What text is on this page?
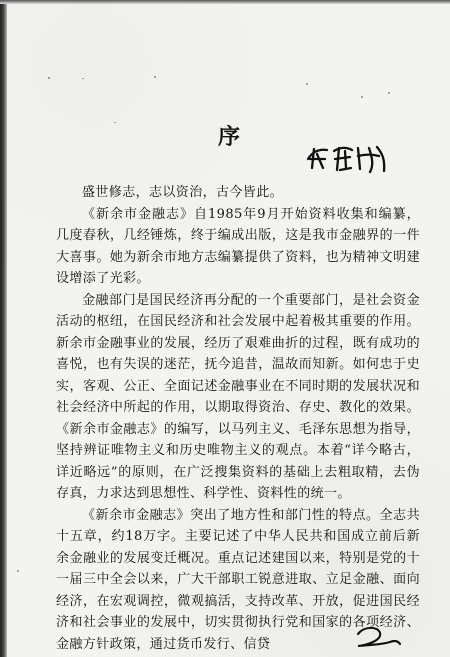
序

盛世修志，志以资治，古今皆此。

《新余市金融志》自1985年9月开始资料收集和编纂，几度春秋，几经锤炼，终于编成出版，这是我市金融界的一件大喜事。她为新余市地方志编纂提供了资料，也为精神文明建设增添了光彩。

金融部门是国民经济再分配的一个重要部门，是社会资金活动的枢纽，在国民经济和社会发展中起着极其重要的作用。新余市金融事业的发展，经历了艰难曲折的过程，既有成功的喜悦，也有失误的迷茫，抚今追昔，温故而知新。如何忠于史实，客观、公正、全面记述金融事业在不同时期的发展状况和社会经济中所起的作用，以期取得资治、存史、教化的效果。《新余市金融志》的编写，以马列主义、毛泽东思想为指导，坚持辨证唯物主义和历史唯物主义的观点。本着“详今略古，详近略远”的原则，在广泛搜集资料的基础上去粗取精，去伪存真，力求达到思想性、科学性、资料性的统一。

《新余市金融志》突出了地方性和部门性的特点。全志共十五章，约18万字。主要记述了中华人民共和国成立前后新余金融业的发展变迁概况。重点记述建国以来，特别是党的十一届三中全会以来，广大干部职工锐意进取、立足金融、面向经济，在宏观调控，微观搞活，支持改革、开放，促进国民经济和社会事业的发展中，切实贯彻执行党和国家的各项经济、金融方针政策，通过货币发行、信贷
